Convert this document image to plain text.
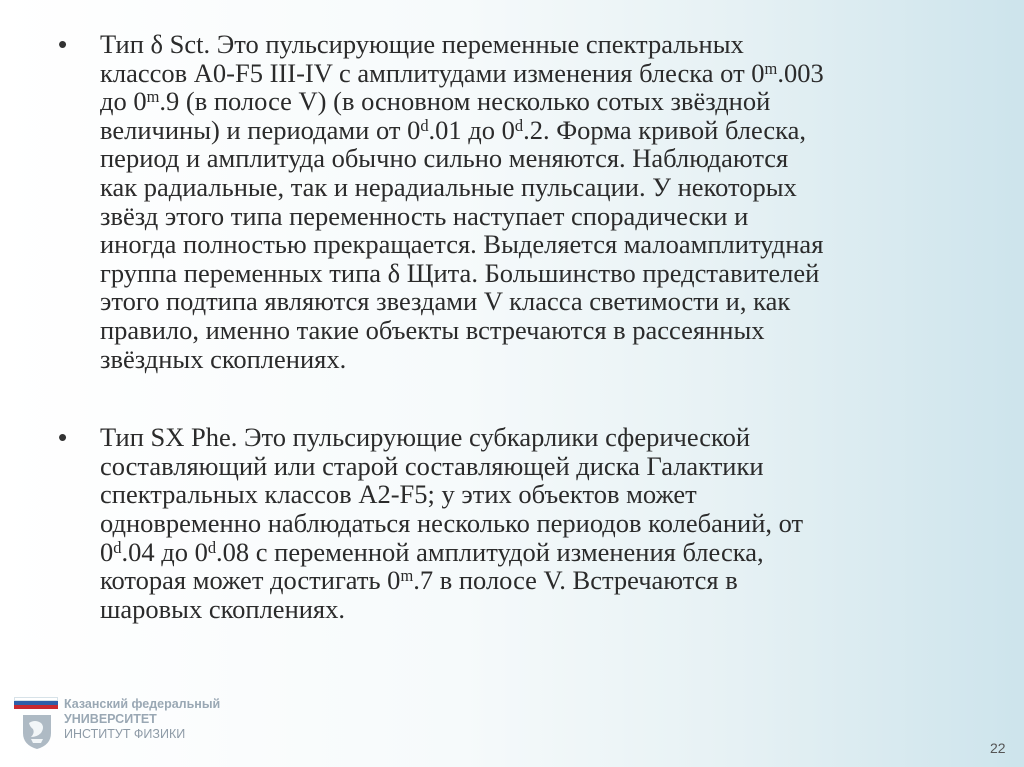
• Тип δ Sct. Это пульсирующие переменные спектральных
классов A0-F5 III-IV с амплитудами изменения блеска от 0$^m$.003
до 0$^m$.9 (в полосе V) (в основном несколько сотых звёздной
величины) и периодами от 0$^d$.01 до 0$^d$.2. Форма кривой блеска,
период и амплитуда обычно сильно меняются. Наблюдаются
как радиальные, так и нерадиальные пульсации. У некоторых
звёзд этого типа переменность наступает спорадически и
иногда полностью прекращается. Выделяется малоамплитудная
группа переменных типа δ Щита. Большинство представителей
этого подтипа являются звездами V класса светимости и, как
правило, именно такие объекты встречаются в рассеянных
звёздных скоплениях.
• Тип SX Phe. Это пульсирующие субкарлики сферической
составляющий или старой составляющей диска Галактики
спектральных классов A2-F5; у этих объектов может
одновременно наблюдаться несколько периодов колебаний, от
0$^d$.04 до 0$^d$.08 с переменной амплитудой изменения блеска,
которая может достигать 0$^m$.7 в полосе V. Встречаются в
шаровых скоплениях.
Казанский федеральный
УНИВЕРСИТЕТ
ИНСТИТУТ ФИЗИКИ
22
